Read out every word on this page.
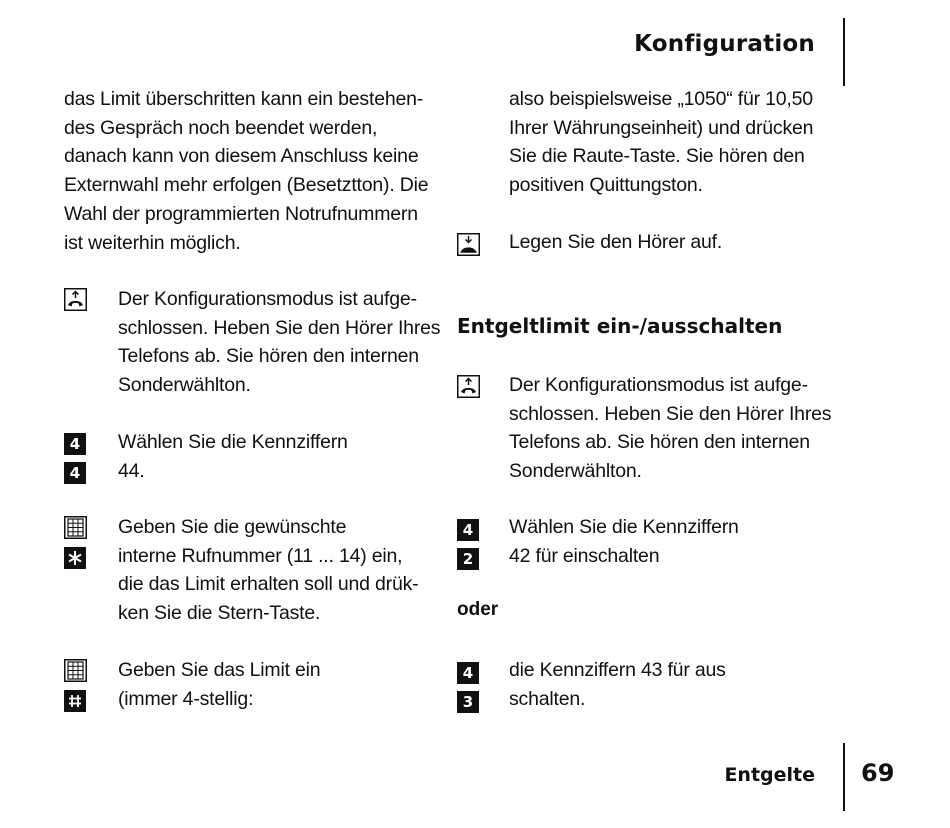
Konfiguration
das Limit überschritten kann ein bestehen-
des Gespräch noch beendet werden,
danach kann von diesem Anschluss keine
Externwahl mehr erfolgen (Besetztton). Die
Wahl der programmierten Notrufnummern
ist weiterhin möglich.
Der Konfigurationsmodus ist aufge-
schlossen. Heben Sie den Hörer Ihres
Telefons ab. Sie hören den internen
Sonderwählton.
4
4
Wählen Sie die Kennziffern
44.
Geben Sie die gewünschte
interne Rufnummer (11 ... 14) ein,
die das Limit erhalten soll und drük-
ken Sie die Stern-Taste.
Geben Sie das Limit ein
(immer 4-stellig:
also beispielsweise „1050“ für 10,50
Ihrer Währungseinheit) und drücken
Sie die Raute-Taste. Sie hören den
positiven Quittungston.
Legen Sie den Hörer auf.
Entgeltlimit ein-/ausschalten
Der Konfigurationsmodus ist aufge-
schlossen. Heben Sie den Hörer Ihres
Telefons ab. Sie hören den internen
Sonderwählton.
4
2
Wählen Sie die Kennziffern
42 für einschalten
oder
4
3
die Kennziffern 43 für aus
schalten.
Entgelte 69
